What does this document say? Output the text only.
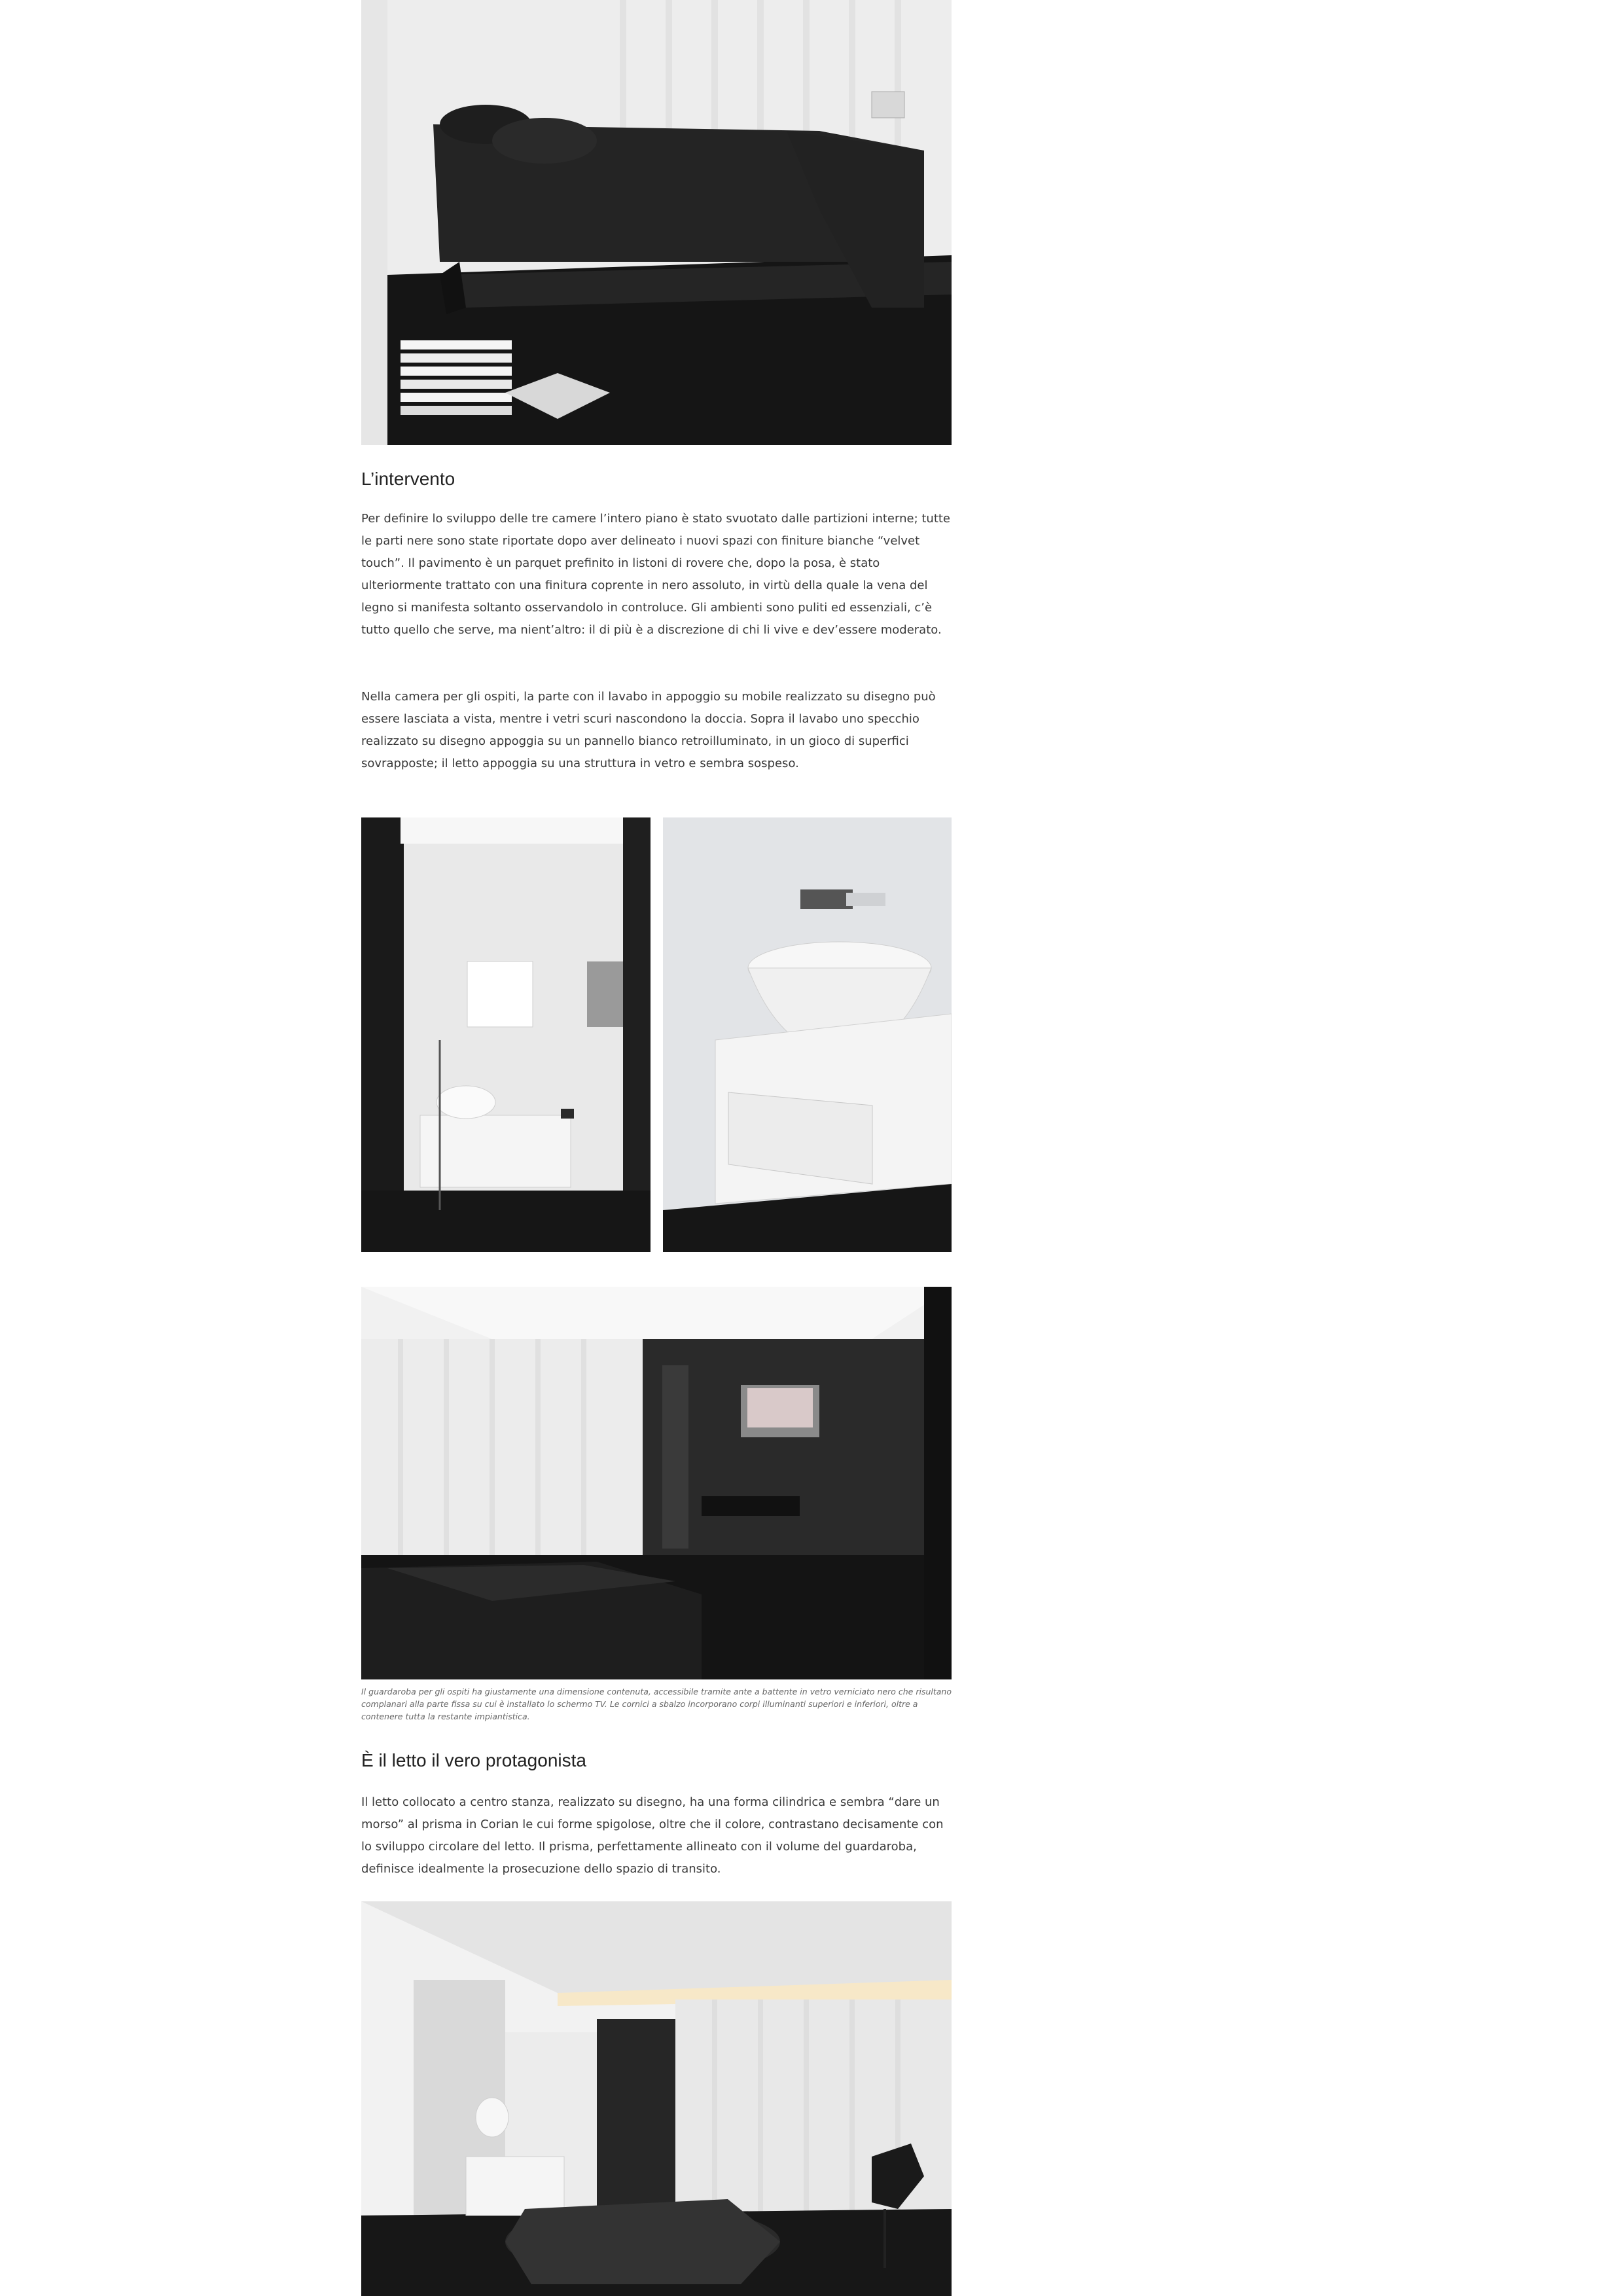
L’intervento

Per definire lo sviluppo delle tre camere l’intero piano è stato svuotato dalle partizioni interne; tutte le parti nere sono state riportate dopo aver delineato i nuovi spazi con finiture bianche “velvet touch”. Il pavimento è un parquet prefinito in listoni di rovere che, dopo la posa, è stato ulteriormente trattato con una finitura coprente in nero assoluto, in virtù della quale la vena del legno si manifesta soltanto osservandolo in controluce. Gli ambienti sono puliti ed essenziali, c’è tutto quello che serve, ma nient’altro: il di più è a discrezione di chi li vive e dev’essere moderato.

Nella camera per gli ospiti, la parte con il lavabo in appoggio su mobile realizzato su disegno può essere lasciata a vista, mentre i vetri scuri nascondono la doccia. Sopra il lavabo uno specchio realizzato su disegno appoggia su un pannello bianco retroilluminato, in un gioco di superfici sovrapposte; il letto appoggia su una struttura in vetro e sembra sospeso.

Il guardaroba per gli ospiti ha giustamente una dimensione contenuta, accessibile tramite ante a battente in vetro verniciato nero che risultano complanari alla parte fissa su cui è installato lo schermo TV. Le cornici a sbalzo incorporano corpi illuminanti superiori e inferiori, oltre a contenere tutta la restante impiantistica.

È il letto il vero protagonista

Il letto collocato a centro stanza, realizzato su disegno, ha una forma cilindrica e sembra “dare un morso” al prisma in Corian le cui forme spigolose, oltre che il colore, contrastano decisamente con lo sviluppo circolare del letto. Il prisma, perfettamente allineato con il volume del guardaroba, definisce idealmente la prosecuzione dello spazio di transito.
